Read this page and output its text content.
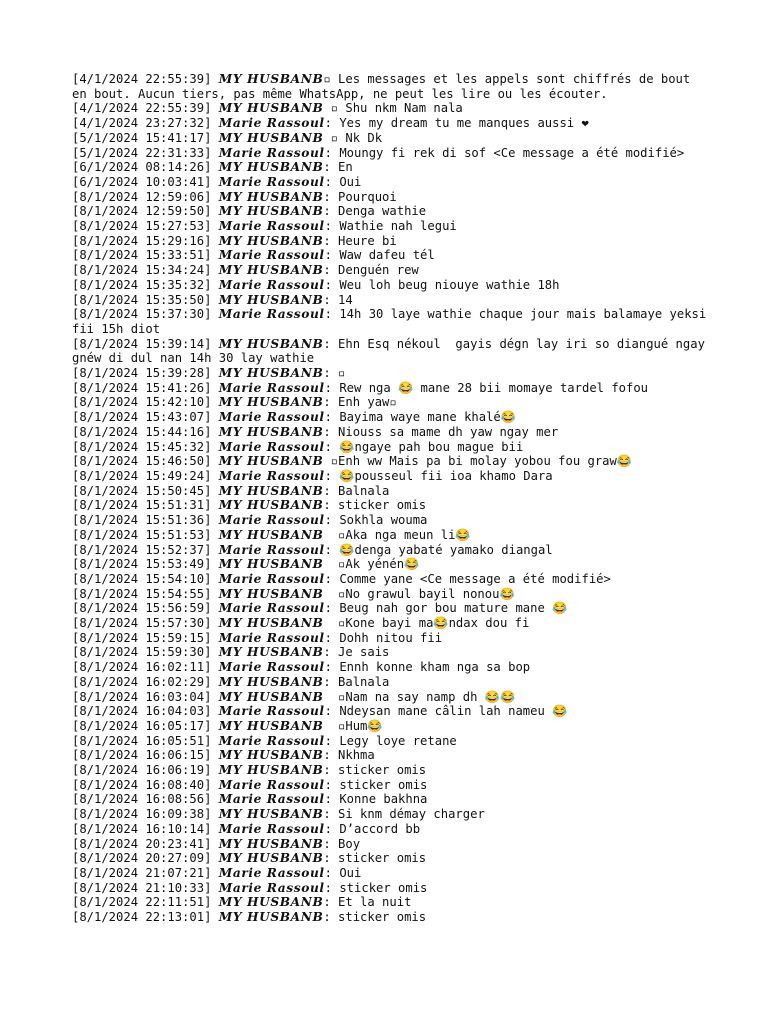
[4/1/2024 22:55:39] MY HUSBANB▫ Les messages et les appels sont chiffrés de bout en bout. Aucun tiers, pas même WhatsApp, ne peut les lire ou les écouter.
[4/1/2024 22:55:39] MY HUSBANB ▫ Shu nkm Nam nala
[4/1/2024 23:27:32] Marie Rassoul: Yes my dream tu me manques aussi ❤
[5/1/2024 15:41:17] MY HUSBANB ▫ Nk Dk
[5/1/2024 22:31:33] Marie Rassoul: Moungy fi rek di sof <Ce message a été modifié>
[6/1/2024 08:14:26] MY HUSBANB: En
[6/1/2024 10:03:41] Marie Rassoul: Oui
[8/1/2024 12:59:06] MY HUSBANB: Pourquoi
[8/1/2024 12:59:50] MY HUSBANB: Denga wathie
[8/1/2024 15:27:53] Marie Rassoul: Wathie nah legui
[8/1/2024 15:29:16] MY HUSBANB: Heure bi
[8/1/2024 15:33:51] Marie Rassoul: Waw dafeu tél
[8/1/2024 15:34:24] MY HUSBANB: Denguén rew
[8/1/2024 15:35:32] Marie Rassoul: Weu loh beug niouye wathie 18h
[8/1/2024 15:35:50] MY HUSBANB: 14
[8/1/2024 15:37:30] Marie Rassoul: 14h 30 laye wathie chaque jour mais balamaye yeksi fii 15h diot
[8/1/2024 15:39:14] MY HUSBANB: Ehn Esq nékoul  gayis dégn lay iri so diangué ngay gnéw di dul nan 14h 30 lay wathie
[8/1/2024 15:39:28] MY HUSBANB: ▫
[8/1/2024 15:41:26] Marie Rassoul: Rew nga 😂 mane 28 bii momaye tardel fofou
[8/1/2024 15:42:10] MY HUSBANB: Enh yaw▫
[8/1/2024 15:43:07] Marie Rassoul: Bayima waye mane khalé😂
[8/1/2024 15:44:16] MY HUSBANB: Niouss sa mame dh yaw ngay mer
[8/1/2024 15:45:32] Marie Rassoul: 😂ngaye pah bou mague bii
[8/1/2024 15:46:50] MY HUSBANB ▫Enh ww Mais pa bi molay yobou fou graw😂
[8/1/2024 15:49:24] Marie Rassoul: 😂pousseul fii ioa khamo Dara
[8/1/2024 15:50:45] MY HUSBANB: Balnala
[8/1/2024 15:51:31] MY HUSBANB: sticker omis
[8/1/2024 15:51:36] Marie Rassoul: Sokhla wouma
[8/1/2024 15:51:53] MY HUSBANB  ▫Aka nga meun li😂
[8/1/2024 15:52:37] Marie Rassoul: 😂denga yabaté yamako diangal
[8/1/2024 15:53:49] MY HUSBANB  ▫Ak yénén😂
[8/1/2024 15:54:10] Marie Rassoul: Comme yane <Ce message a été modifié>
[8/1/2024 15:54:55] MY HUSBANB  ▫No grawul bayil nonou😂
[8/1/2024 15:56:59] Marie Rassoul: Beug nah gor bou mature mane 😂
[8/1/2024 15:57:30] MY HUSBANB  ▫Kone bayi ma😂ndax dou fi
[8/1/2024 15:59:15] Marie Rassoul: Dohh nitou fii
[8/1/2024 15:59:30] MY HUSBANB: Je sais
[8/1/2024 16:02:11] Marie Rassoul: Ennh konne kham nga sa bop
[8/1/2024 16:02:29] MY HUSBANB: Balnala
[8/1/2024 16:03:04] MY HUSBANB  ▫Nam na say namp dh 😂😂
[8/1/2024 16:04:03] Marie Rassoul: Ndeysan mane câlin lah nameu 😂
[8/1/2024 16:05:17] MY HUSBANB  ▫Hum😂
[8/1/2024 16:05:51] Marie Rassoul: Legy loye retane
[8/1/2024 16:06:15] MY HUSBANB: Nkhma
[8/1/2024 16:06:19] MY HUSBANB: sticker omis
[8/1/2024 16:08:40] Marie Rassoul: sticker omis
[8/1/2024 16:08:56] Marie Rassoul: Konne bakhna
[8/1/2024 16:09:38] MY HUSBANB: Si knm démay charger
[8/1/2024 16:10:14] Marie Rassoul: D’accord bb
[8/1/2024 20:23:41] MY HUSBANB: Boy
[8/1/2024 20:27:09] MY HUSBANB: sticker omis
[8/1/2024 21:07:21] Marie Rassoul: Oui
[8/1/2024 21:10:33] Marie Rassoul: sticker omis
[8/1/2024 22:11:51] MY HUSBANB: Et la nuit
[8/1/2024 22:13:01] MY HUSBANB: sticker omis
